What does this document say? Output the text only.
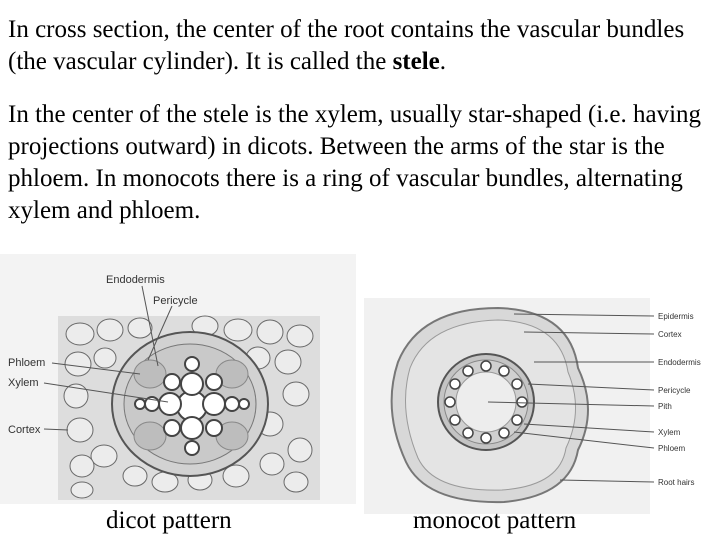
In cross section, the center of the root contains the vascular bundles (the vascular cylinder). It is called the stele.

In the center of the stele is the xylem, usually star-shaped (i.e. having projections outward) in dicots. Between the arms of the star is the phloem. In monocots there is a ring of vascular bundles, alternating xylem and phloem.

Endodermis
Pericycle
Phloem
Xylem
Cortex
Epidermis
Cortex
Endodermis
Pericycle
Pith
Xylem
Phloem
Root hairs
dicot pattern	monocot pattern
